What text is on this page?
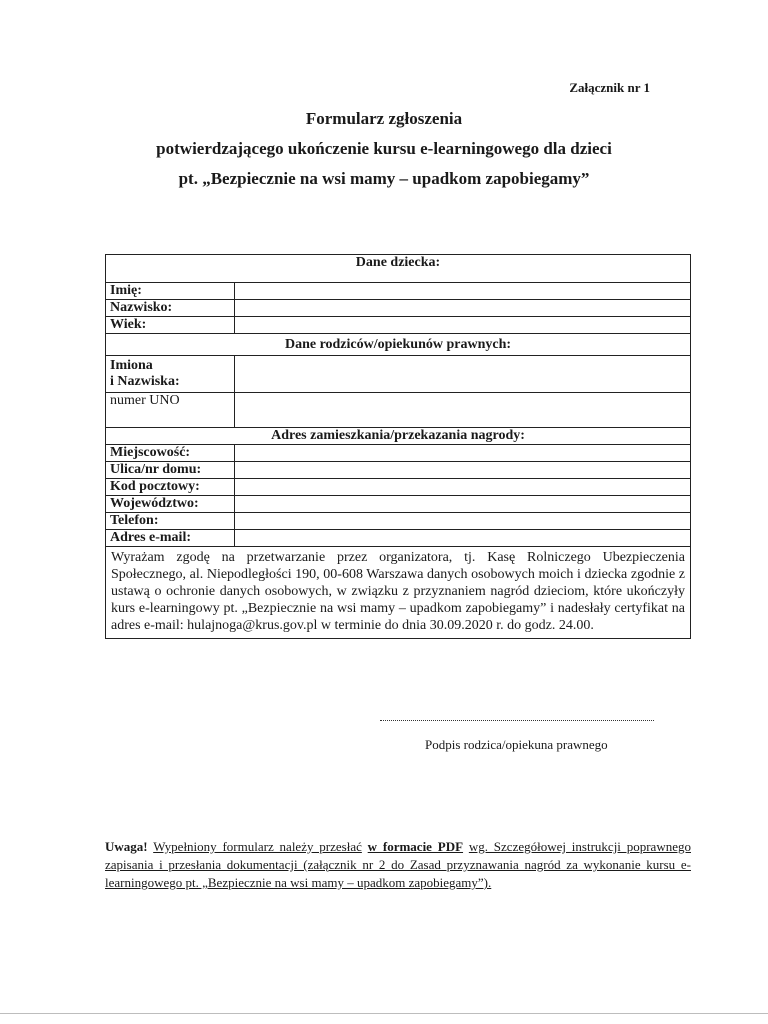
Załącznik nr 1
Formularz zgłoszenia
potwierdzającego ukończenie kursu e-learningowego dla dzieci
pt. „Bezpiecznie na wsi mamy – upadkom zapobiegamy”
Dane dziecka:	
Imię:	
Nazwisko:	
Wiek:	
Dane rodziców/opiekunów prawnych:	

Imiona
i Nazwiska:	

numer UNO	
Adres zamieszkania/przekazania nagrody:	
Miejscowość:	
Ulica/nr domu:	
Kod pocztowy:	
Województwo:	
Telefon:	
Adres e-mail:	
Wyrażam zgodę na przetwarzanie przez organizatora, tj. Kasę Rolniczego Ubezpieczenia Społecznego, al. Niepodległości 190, 00-608 Warszawa danych osobowych moich i dziecka zgodnie z ustawą o ochronie danych osobowych, w związku z przyznaniem nagród dzieciom, które ukończyły kurs e-learningowy pt. „Bezpiecznie na wsi mamy – upadkom zapobiegamy” i nadesłały certyfikat na adres e-mail: hulajnoga@krus.gov.pl w terminie do dnia 30.09.2020 r. do godz. 24.00.	
Podpis rodzica/opiekuna prawnego
Uwaga! Wypełniony formularz należy przesłać w formacie PDF wg. Szczegółowej instrukcji poprawnego zapisania i przesłania dokumentacji (załącznik nr 2 do Zasad przyznawania nagród za wykonanie kursu e-learningowego pt. „Bezpiecznie na wsi mamy – upadkom zapobiegamy”).
